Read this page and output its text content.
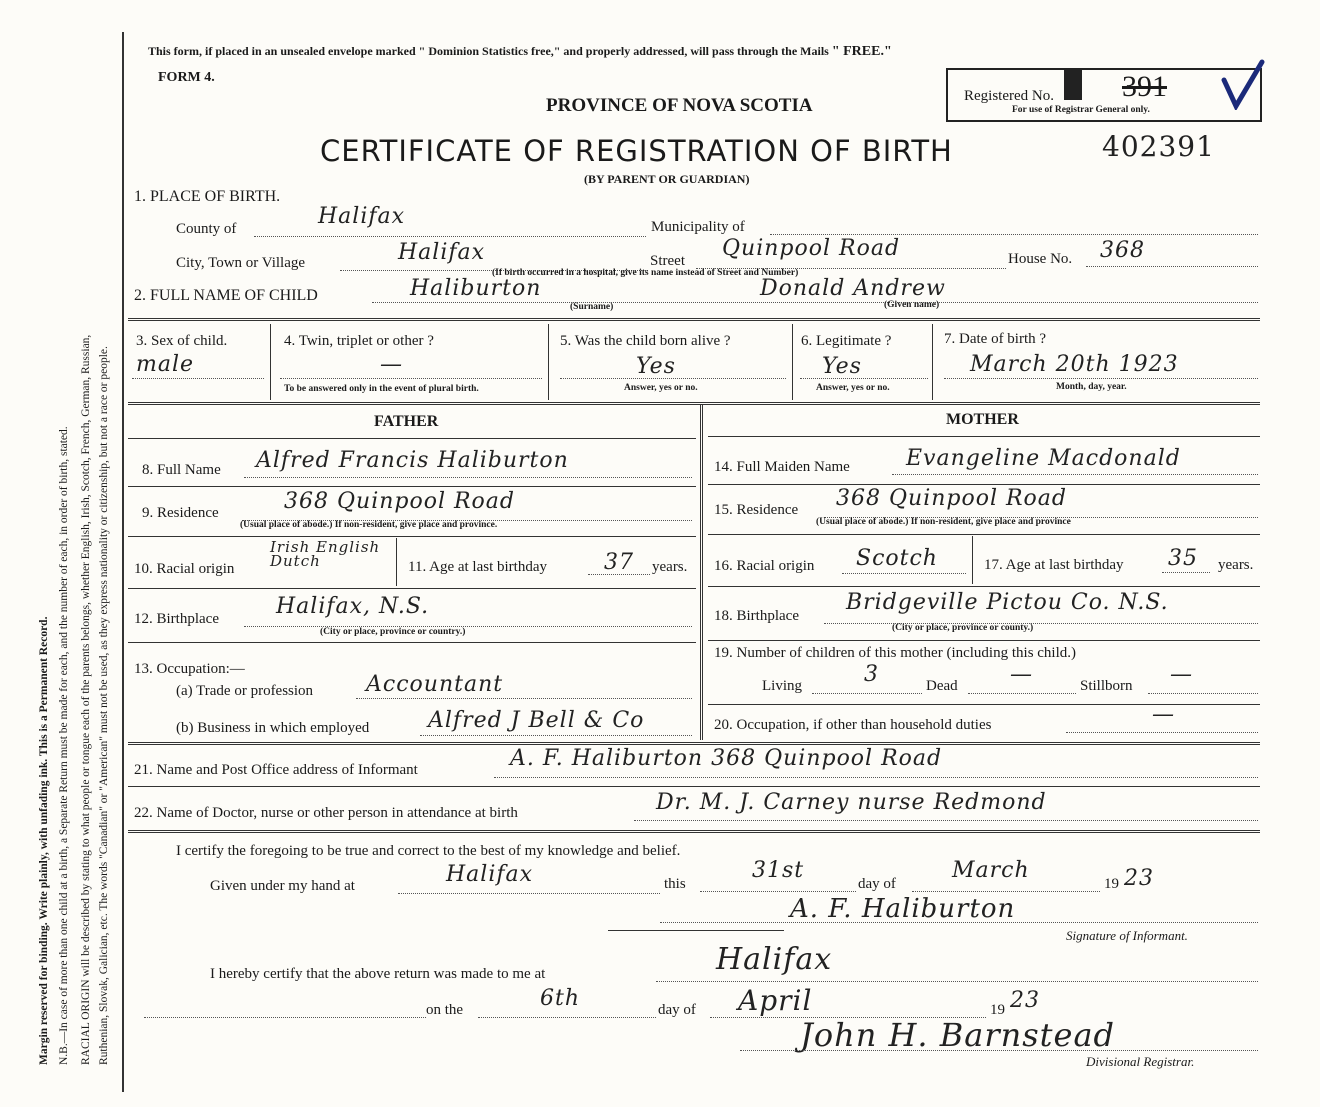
Margin reserved for binding. Write plainly, with unfading ink. This is a Permanent Record. N.B.—In case of more than one child at a birth, a Separate Return must be made for each, and the number of each, in order of birth, stated. RACIAL ORIGIN will be described by stating to what people or tongue each of the parents belongs, whether English, Irish, Scotch, French, German, Russian, Ruthenian, Slovak, Galician, etc. The words "Canadian" or "American" must not be used, as they express nationality or citizenship, but not a race or people.
This form, if placed in an unsealed envelope marked " Dominion Statistics free," and properly addressed, will pass through the Mails " FREE."
FORM 4.
PROVINCE OF NOVA SCOTIA
CERTIFICATE OF REGISTRATION OF BIRTH
(BY PARENT OR GUARDIAN)
402391
Registered No. 391
For use of Registrar General only.
1. PLACE OF BIRTH.
County of	Halifax	Municipality of
City, Town or Village	Halifax	Street Quinpool Road	House No. 368
(If birth occurred in a hospital, give its name instead of Street and Number)
2. FULL NAME OF CHILD	Haliburton	Donald Andrew
(Surname)	(Given name)
3. Sex of child.
male
4. Twin, triplet or other ?
—
To be answered only in the event of plural birth.
5. Was the child born alive ?
Yes
Answer, yes or no.
6. Legitimate ?
Yes
Answer, yes or no.
7. Date of birth ?
March 20th 1923
Month, day, year.
FATHER	MOTHER
8. Full Name Alfred Francis Haliburton
9. Residence	368 Quinpool Road
(Usual place of abode.) If non-resident, give place and province.
10. Racial origin
Irish English Dutch	11. Age at last birthday	37 years.
12. Birthplace	Halifax, N.S.
(City or place, province or country.)
13. Occupation:—
(a) Trade or profession Accountant
(b) Business in which employed	Alfred J Bell & Co
14. Full Maiden Name	Evangeline Macdonald
15. Residence 368 Quinpool Road
(Usual place of abode.) If non-resident, give place and province
16. Racial origin Scotch	17. Age at last birthday 35 years.
18. Birthplace
Bridgeville Pictou Co. N.S.
(City or place, province or county.)
19. Number of children of this mother (including this child.)
Living	3	Dead —	Stillborn —
20. Occupation, if other than household duties	—
21. Name and Post Office address of Informant	A. F. Haliburton 368 Quinpool Road
22. Name of Doctor, nurse or other person in attendance at birth	Dr. M. J. Carney nurse Redmond
I certify the foregoing to be true and correct to the best of my knowledge and belief.
Given under my hand at	Halifax	this
31st
day of
March
19 23
A. F. Haliburton
Signature of Informant.
I hereby certify that the above return was made to me at	Halifax
on the	6th	day of April	19 23
John H. Barnstead
Divisional Registrar.
